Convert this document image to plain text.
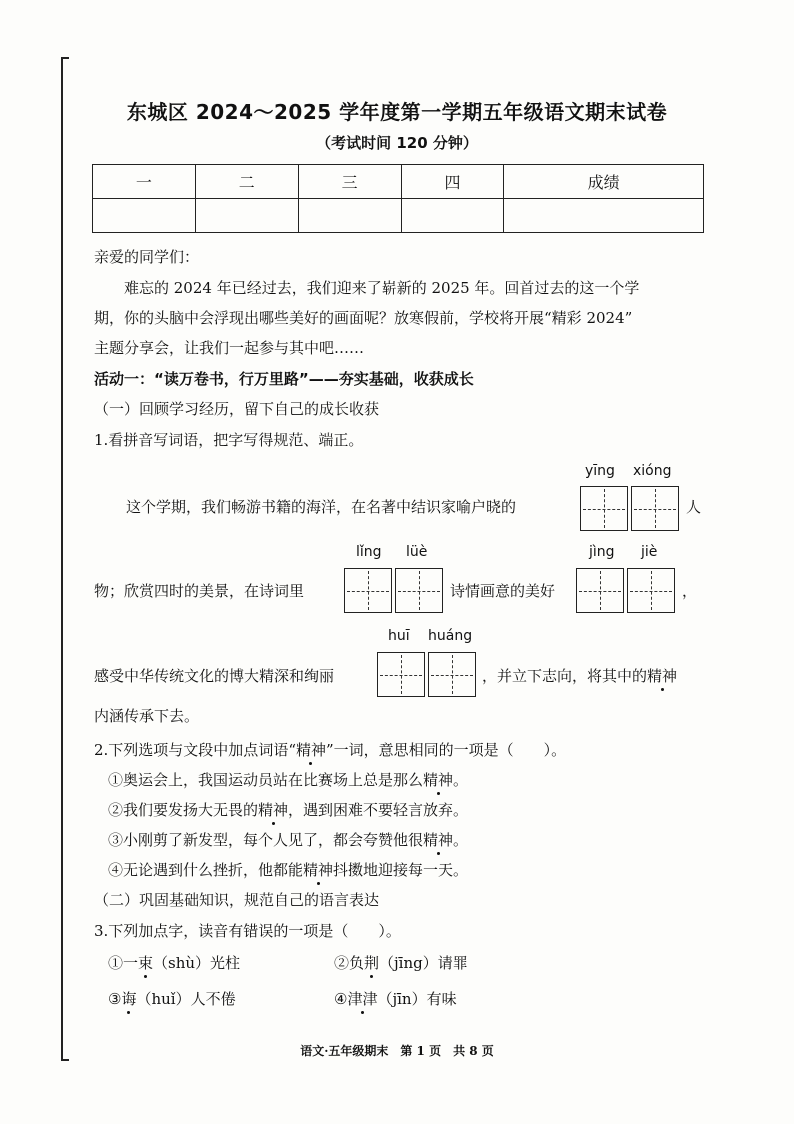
东城区 2024～2025 学年度第一学期五年级语文期末试卷
（考试时间 120 分钟）
一	二	三	四	成绩

亲爱的同学们：
难忘的 2024 年已经过去，我们迎来了崭新的 2025 年。回首过去的这一个学
期，你的头脑中会浮现出哪些美好的画面呢？放寒假前，学校将开展“精彩 2024”
主题分享会，让我们一起参与其中吧……
活动一：“读万卷书，行万里路”——夯实基础，收获成长
（一）回顾学习经历，留下自己的成长收获
1.看拼音写词语，把字写得规范、端正。
yīng xióng
这个学期，我们畅游书籍的海洋，在名著中结识家喻户晓的	人
lǐng lüè	jìng jiè
物；欣赏四时的美景，在诗词里	诗情画意的美好	，
huī huáng
感受中华传统文化的博大精深和绚丽	，并立下志向，将其中的精神
内涵传承下去。
2.下列选项与文段中加点词语“精神”一词，意思相同的一项是（　　）。
①奥运会上，我国运动员站在比赛场上总是那么精神。
②我们要发扬大无畏的精神，遇到困难不要轻言放弃。
③小刚剪了新发型，每个人见了，都会夸赞他很精神。
④无论遇到什么挫折，他都能精神抖擞地迎接每一天。
（二）巩固基础知识，规范自己的语言表达
3.下列加点字，读音有错误的一项是（　　）。
①一束（shù）光柱	②负荆（jīng）请罪
③诲（huǐ）人不倦	④津津（jīn）有味
语文·五年级期末　第 1 页　共 8 页
